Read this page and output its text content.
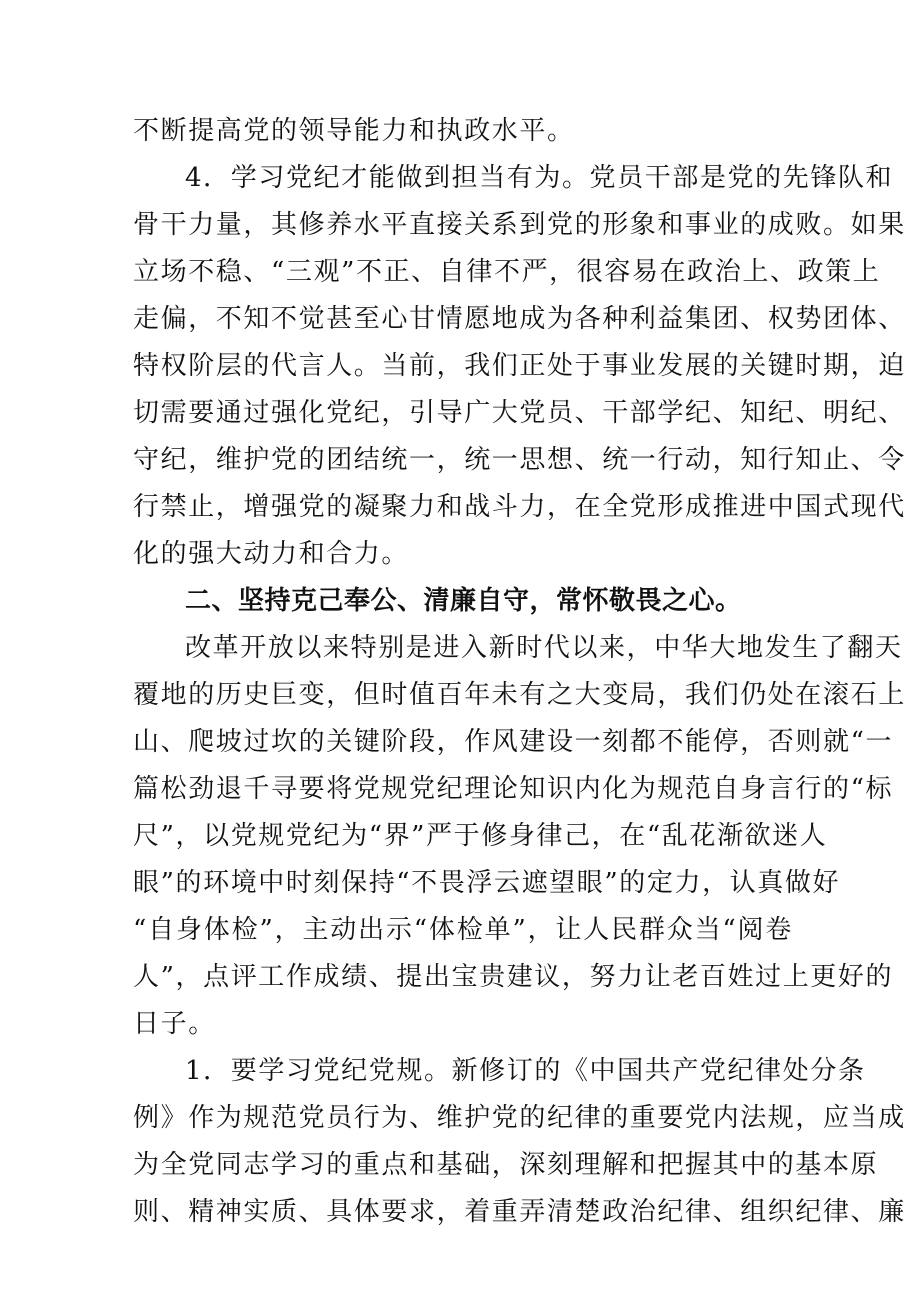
不断提高党的领导能力和执政水平。
4．学习党纪才能做到担当有为。党员干部是党的先锋队和
骨干力量，其修养水平直接关系到党的形象和事业的成败。如果
立场不稳、“三观”不正、自律不严，很容易在政治上、政策上
走偏，不知不觉甚至心甘情愿地成为各种利益集团、权势团体、
特权阶层的代言人。当前，我们正处于事业发展的关键时期，迫
切需要通过强化党纪，引导广大党员、干部学纪、知纪、明纪、
守纪，维护党的团结统一，统一思想、统一行动，知行知止、令
行禁止，增强党的凝聚力和战斗力，在全党形成推进中国式现代
化的强大动力和合力。
二、坚持克己奉公、清廉自守，常怀敬畏之心。
改革开放以来特别是进入新时代以来，中华大地发生了翻天
覆地的历史巨变，但时值百年未有之大变局，我们仍处在滚石上
山、爬坡过坎的关键阶段，作风建设一刻都不能停，否则就“一
篇松劲退千寻要将党规党纪理论知识内化为规范自身言行的“标
尺”，以党规党纪为“界”严于修身律己，在“乱花渐欲迷人
眼”的环境中时刻保持“不畏浮云遮望眼”的定力，认真做好
“自身体检”，主动出示“体检单”，让人民群众当“阅卷
人”，点评工作成绩、提出宝贵建议，努力让老百姓过上更好的
日子。
1．要学习党纪党规。新修订的《中国共产党纪律处分条
例》作为规范党员行为、维护党的纪律的重要党内法规，应当成
为全党同志学习的重点和基础，深刻理解和把握其中的基本原
则、精神实质、具体要求，着重弄清楚政治纪律、组织纪律、廉
